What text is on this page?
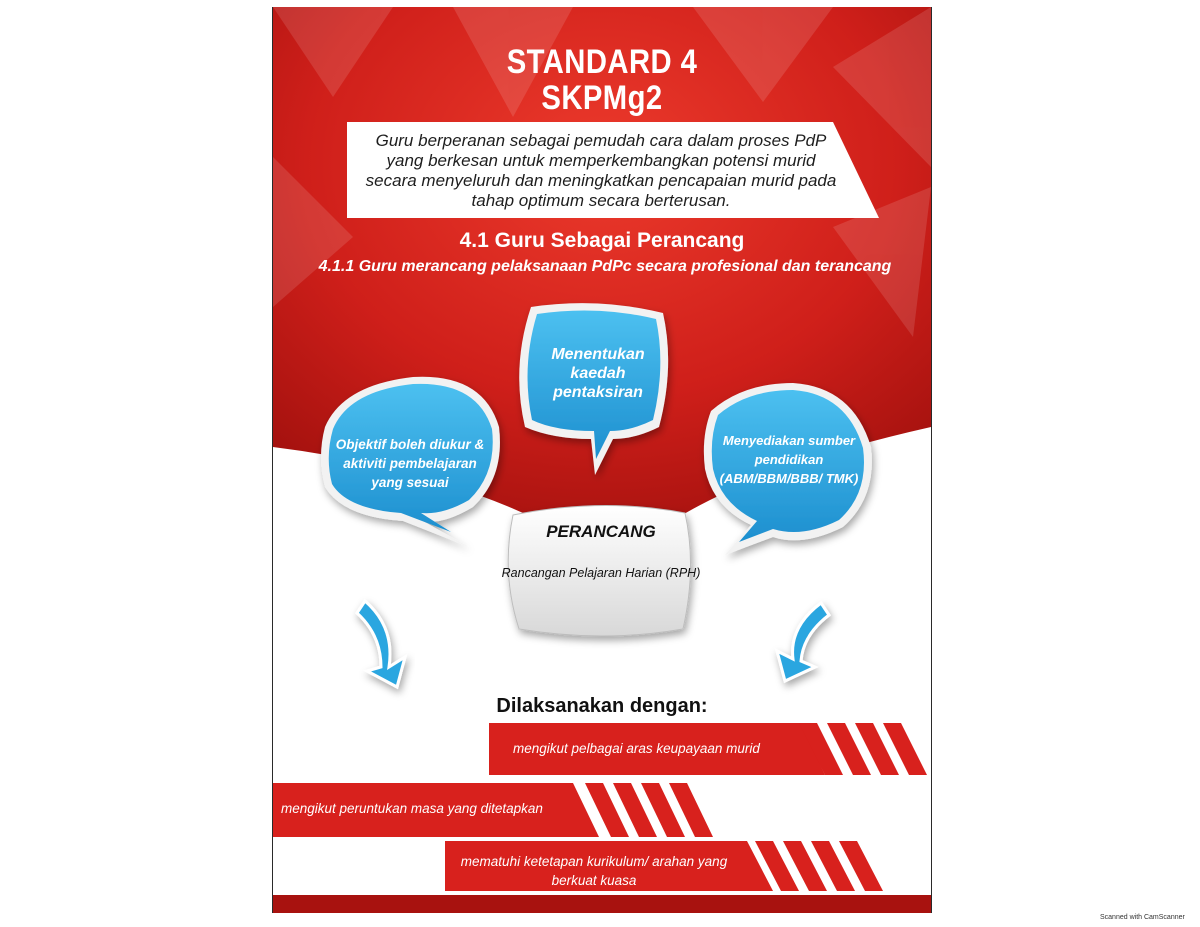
STANDARD 4
SKPMg2
Guru berperanan sebagai pemudah cara dalam proses PdP yang berkesan untuk memperkembangkan potensi murid secara menyeluruh dan meningkatkan pencapaian murid pada tahap optimum secara berterusan.
4.1 Guru Sebagai Perancang
4.1.1 Guru merancang pelaksanaan PdPc secara profesional dan terancang
Menentukan kaedah pentaksiran
Objektif boleh diukur & aktiviti pembelajaran yang sesuai
Menyediakan sumber pendidikan (ABM/BBM/BBB/ TMK)
PERANCANG
Rancangan Pelajaran Harian (RPH)
Dilaksanakan dengan:
mengikut pelbagai aras keupayaan murid
mengikut peruntukan masa yang ditetapkan
mematuhi ketetapan kurikulum/ arahan yang berkuat kuasa
Scanned with CamScanner
